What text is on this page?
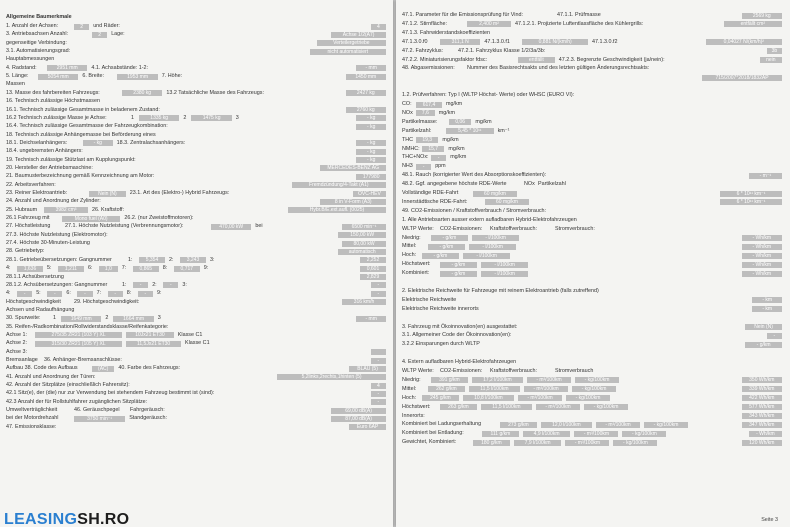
Allgemeine Baumerkmale
1. Anzahl der Achsen:	2	und Räder:	4
3. Antriebsachsen Anzahl:	2	Lage:	Achse 1/2(A7)
gegenseitige Verbindung:	Verteilergetriebe
3.1. Automatisierungsgrad:	nicht automatisiert
Hauptabmessungen
4. Radstand:	2951 mm	4.1. Achsabstände: 1-2:	- mm
5. Länge:	5054 mm	6. Breite:	1953 mm	7. Höhe:	1450 mm
Massen
13. Masse des fahrbereiten Fahrzeugs:	2380 kg	13.2 Tatsächliche Masse des Fahrzeugs:	2427 kg
16. Technisch zulässige Höchstmassen
16.1. Technisch zulässige Gesamtmasse in beladenem Zustand:	2760 kg
16.2 Technisch zulässige Masse je Achse:	1	1335 kg	2	1475 kg	3	- kg
16.4. Technisch zulässige Gesamtmasse der Fahrzeugkombination:	- kg
18. Technisch zulässige Anhängemasse bei Beförderung eines
18.1. Deichselanhängers:	- kg	18.3. Zentralachsanhängers:	- kg
18.4. ungebremsten Anhängers:	- kg
19. Technisch zulässige Stützlast am Kupplungspunkt:	- kg
20. Hersteller der Antriebsmaschine:	MERCEDES-BENZ AG
21. Baumusterbezeichnung gemäß Kennzeichnung am Motor:	177980
22. Arbeitsverfahren:	Fremdzündung/4-Takt (A1)
23. Reiner Elektroantrieb:	Nein (N)	23.1. Art des (Elektro-) Hybrid Fahrzeugs:	OVC-HEV
24. Anzahl und Anordnung der Zylinder:	8 in V-Form (A3)
25. Hubraum	3982 cm³	26. Kraftstoff:	Hybr.B/E.ext.aufl. (0025)
26.1 Fahrzeug mit	Mono fuel (A0)	26.2. (nur Zweistoffmotoren):
27. Höchstleistung	27.1. Höchste Nutzleistung (Verbrennungsmotor):	470,00 kW	bei	6500 min⁻¹
27.3. Höchste Nutzleistung (Elektromotor):	150,00 kW
27.4. Höchste 30-Minuten-Leistung	80,00 kW
28. Getriebetyp:	automatisch
28.1. Getriebeübersetzungen: Gangnummer	1:	5,354	2:	3,243	3:	2,252
4:	1,636	5:	1,211	6:	1,0	7:	0,865	8:	0,717	9:	0,601
28.1.1 Achsübersetzung	2,829
28.1.2. Achsübersetzungen: Gangnummer	1:	-	2:	-	3:	-
4:	-	5:	-	6:	-	7:	-	8:	-	9:	-
Höchstgeschwindigkeit 29. Höchstgeschwindigkeit:	316 km/h
Achsen und Radaufhängung
30. Spurweite: 1	1649 mm	2	1664 mm	3	- mm
35. Reifen-/Radkombination/Rollwiderstandsklasse/Reifenkategorie:
Achse 1:	275/35 ZR21 (103 Y) XL	10Jx21 ET30	Klasse C1
Achse 2:	315/30 ZR21 (105 Y) XL	11,5Jx21 ET30	Klasse C1
Achse 3:
Bremsanlage 36. Anhänger-Bremsanschlüsse:	-
Aufbau 38. Code des Aufbaus	(AC)	40. Farbe des Fahrzeugs:	BLAU (5)
41. Anzahl und Anordnung der Türen:	5,2links,2rechts,1hinten (5)
42. Anzahl der Sitzplätze (einschließlich Fahrersitz):	4
42.1 Sitz(e), der (die) nur zur Verwendung bei stehendem Fahrzeug bestimmt ist (sind):	-
42.3 Anzahl der für Rollstuhlfahrer zugänglichen Sitzplätze:	-
Umweltverträglichkeit	46. Geräuschpegel Fahrgeräusch:	69,00 dB(A)
bei der Motordrehzahl	3750 min⁻¹	Standgeräusch:	87,00 dB(A)
47. Emissionsklasse:	Euro 6AP
LEASINGSH.RO
47.1. Parameter für die Emissionsprüfung für Vind:	47.1.1. Prüfmasse	2569 kg
47.1.2. Stirnfläche:	2,400 m²	47.1.2.1. Projizierte Luftentlassfläche des Kühlergrills:	entfällt cm²
47.1.3. Fahrwiderstandskoeffizienten
47.1.3.0.f0	311,1 N	47.1.3.0.f1	0,881 N/(km/h)	47.1.3.0.f2	0,04027 N/(km/h)²
47.2. Fahrzyklus:	47.2.1. Fahrzyklus Klasse 1/2/3a/3b:	3b
47.2.2. Miniaturisierungsfaktor fdsc:	entfällt	47.2.3. Begrenzte Geschwindigkeit (ja/nein):	nein
48. Abgasemissionen: Nummer des Basisrechtsakts und des letzten gültigen Änderungsrechtsakts:
715/2007*2018/1832AP
1.2. Prüfverfahren: Typ I (WLTP Höchst- Werte) oder WHSC (EURO VI):
CO:	617,4	mg/km
NOx	7,6	mg/km
Partikelmasse:	0,06	mg/km
Partikelzahl:	5,45 * 10¹¹	km⁻¹
THC	19,3	mg/km
NMHC:	15,7	mg/km
THC+NOx:	-	mg/km
NH3	-	ppm
48.1. Rauch (korrigierter Wert des Absorptionskoeffizienten):	- m⁻¹
48.2. Ggf. angegebene höchste RDE-Werte	NOx Partikelzahl
Vollständige RDE-Fahrt	60 mg/km	6 * 10¹¹ km⁻¹
Innerstädtische RDE-Fahrt:	60 mg/km	6 * 10¹¹ km⁻¹
49. CO2-Emissionen / Kraftstoffverbrauch / Stromverbrauch:
1. Alle Antriebsarten ausser extern aufladbaren Hybrid-Elektrofahrzeugen
WLTP Werte: CO2-Emissionen: Kraftstoffverbrauch:	Stromverbrauch:
Niedrig:	- g/km	- l/100km	- Wh/km
Mittel:	- g/km	- l/100km	- Wh/km
Hoch:	- g/km	- l/100km	- Wh/km
Höchstwert:	- g/km	- l/100km	- Wh/km
Kombiniert:	- g/km	- l/100km	- Wh/km
2. Elektrische Reichweite für Fahrzeuge mit reinem Elektroantrieb (falls zutreffend)
Elektrische Reichweite	- km
Elektrische Reichweite innerorts	- km
3. Fahrzeug mit Ökoinnovation(en) ausgestattet:	Nein (N)
3.1. Allgemeiner Code der Ökoinnovation(en):	-
3.2.2 Einsparungen durch WLTP	- g/km
4. Extern aufladbaren Hybrid-Elektrofahrzeugen
WLTP Werte: CO2-Emissionen: Kraftstoffverbrauch:	Stromverbrauch
Niedrig:	391 g/km	17,2 l/100km	- m³/100km	- kg/100km	350 Wh/km
Mittel:	262 g/km	11,5 l/100km	- m³/100km	- kg/100km	339 Wh/km
Hoch:	245 g/km	10,8 l/100km	- m³/100km	- kg/100km	422 Wh/km
Höchstwert:	263 g/km	11,5 l/100km	- m³/100km	- kg/100km	577 Wh/km
Innerorts:	343 Wh/km
Kombiniert bei Ladungserhaltung	273 g/km	12,0 l/100km	- m³/100km	- kg/100km	347 Wh/km
Kombiniert bei Entladung:	111 g/km	4,9 l/100km	- m³/100km	- kg/100km	- Wh/km
Gewichtet, Kombiniert:	180 g/km	7,9 l/100km	- m³/100km	- kg/100km	120 Wh/km
Seite 3
